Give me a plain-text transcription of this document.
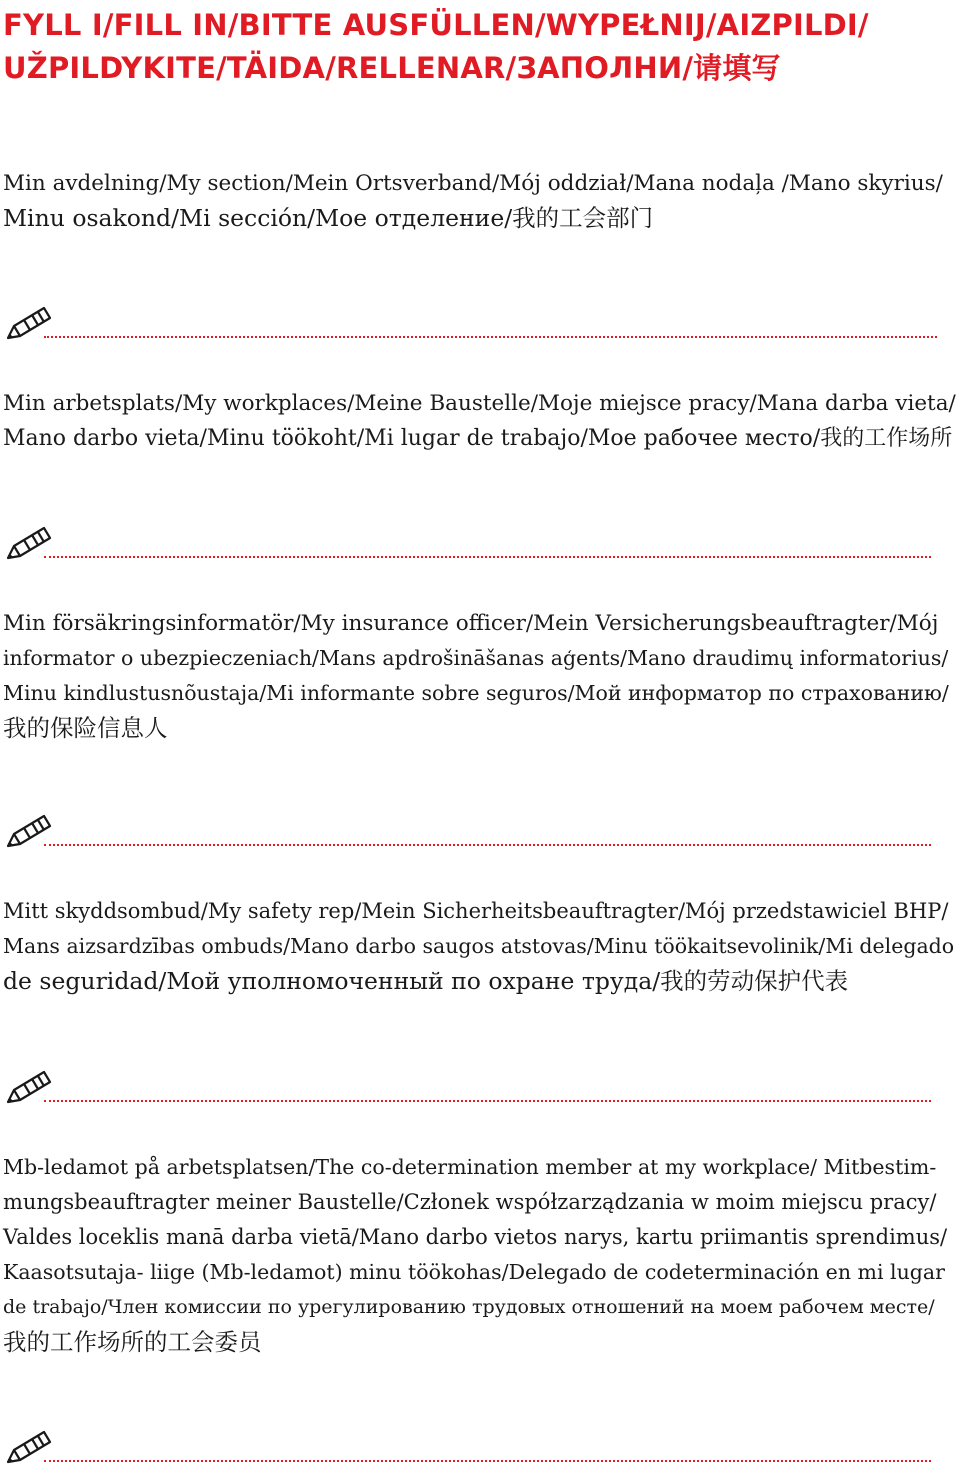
FYLL I/FILL IN/BITTE AUSFÜLLEN/WYPEŁNIJ/AIZPILDI/
UŽPILDYKITE/TÄIDA/RELLENAR/ЗАПОЛНИ/请填写
Min avdelning/My section/Mein Ortsverband/Mój oddział/Mana nodaļa /Mano skyrius/
Minu osakond/Mi sección/Мое отделение/我的工会部门
Min arbetsplats/My workplaces/Meine Baustelle/Moje miejsce pracy/Mana darba vieta/
Mano darbo vieta/Minu töökoht/Mi lugar de trabajo/Мое рабочее место/我的工作场所
Min försäkringsinformatör/My insurance officer/Mein Versicherungsbeauftragter/Mój
informator o ubezpieczeniach/Mans apdrošināšanas aģents/Mano draudimų informatorius/
Minu kindlustusnõustaja/Mi informante sobre seguros/Мой информатор по страхованию/
我的保险信息人
Mitt skyddsombud/My safety rep/Mein Sicherheitsbeauftragter/Mój przedstawiciel BHP/
Mans aizsardzības ombuds/Mano darbo saugos atstovas/Minu töökaitsevolinik/Mi delegado
de seguridad/Мой уполномоченный по охране труда/我的劳动保护代表
Mb-ledamot på arbetsplatsen/The co-determination member at my workplace/ Mitbestim-
mungsbeauftragter meiner Baustelle/Członek współzarządzania w moim miejscu pracy/
Valdes loceklis manā darba vietā/Mano darbo vietos narys, kartu priimantis sprendimus/
Kaasotsutaja- liige (Mb-ledamot) minu töökohas/Delegado de codeterminación en mi lugar
de trabajo/Член комиссии по урегулированию трудовых отношений на моем рабочем месте/
我的工作场所的工会委员
